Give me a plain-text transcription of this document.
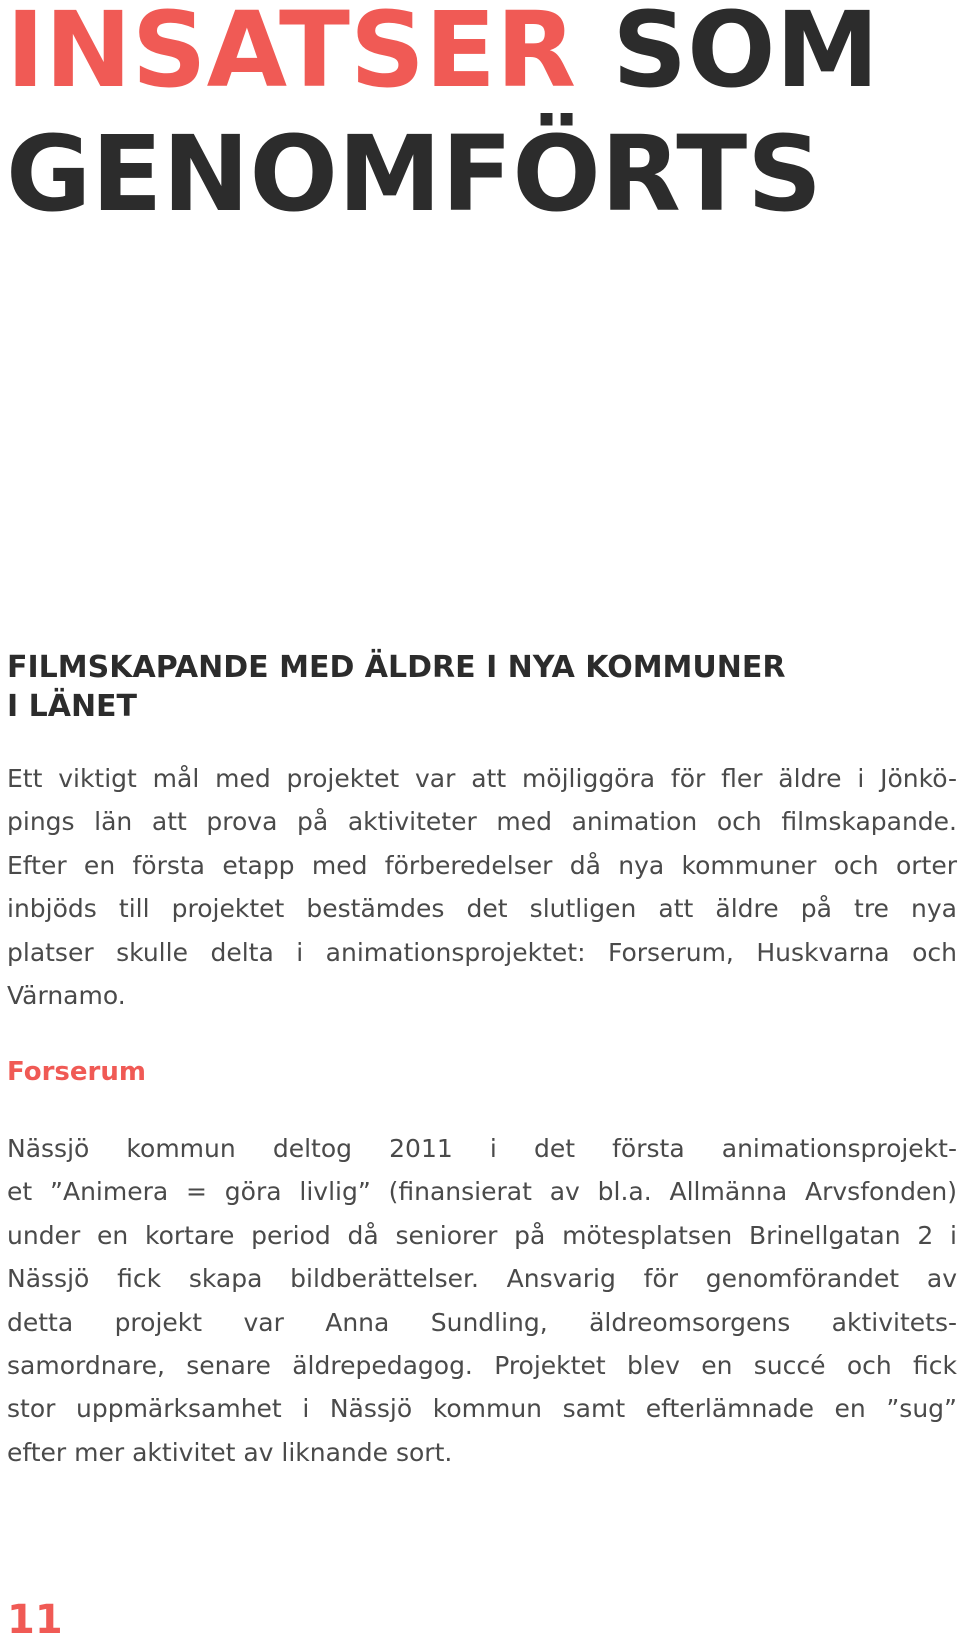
INSATSER SOM
GENOMFÖRTS
FILMSKAPANDE MED ÄLDRE I NYA KOMMUNER
I LÄNET

Ett viktigt mål med projektet var att möjliggöra för fler äldre i Jönkö-
pings län att prova på aktiviteter med animation och filmskapande.
Efter en första etapp med förberedelser då nya kommuner och orter
inbjöds till projektet bestämdes det slutligen att äldre på tre nya
platser skulle delta i animationsprojektet: Forserum, Huskvarna och
Värnamo.

Forserum

Nässjö kommun deltog 2011 i det första animationsprojekt-
et ”Animera = göra livlig” (finansierat av bl.a. Allmänna Arvsfonden)
under en kortare period då seniorer på mötesplatsen Brinellgatan 2 i
Nässjö fick skapa bildberättelser. Ansvarig för genomförandet av
detta projekt var Anna Sundling, äldreomsorgens aktivitets-
samordnare, senare äldrepedagog. Projektet blev en succé och fick
stor uppmärksamhet i Nässjö kommun samt efterlämnade en ”sug”
efter mer aktivitet av liknande sort.

11
